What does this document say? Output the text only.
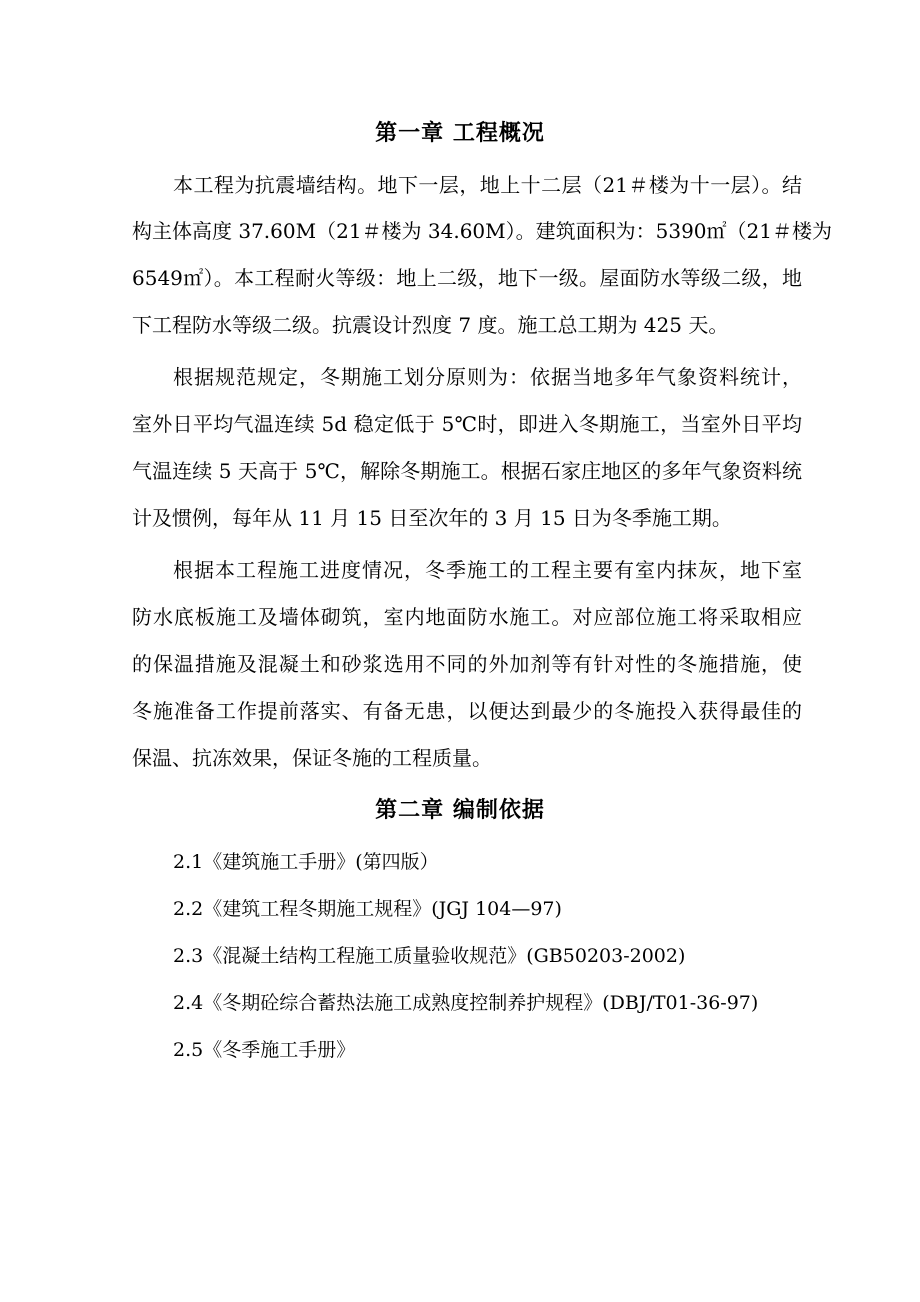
第一章 工程概况
本工程为抗震墙结构。地下一层，地上十二层（21＃楼为十一层）。结
构主体高度 37.60M（21＃楼为 34.60M）。建筑面积为：5390㎡（21＃楼为
6549㎡）。本工程耐火等级：地上二级，地下一级。屋面防水等级二级，地
下工程防水等级二级。抗震设计烈度 7 度。施工总工期为 425 天。
根据规范规定，冬期施工划分原则为：依据当地多年气象资料统计，
室外日平均气温连续 5d 稳定低于 5℃时，即进入冬期施工，当室外日平均
气温连续 5 天高于 5℃，解除冬期施工。根据石家庄地区的多年气象资料统
计及惯例，每年从 11 月 15 日至次年的 3 月 15 日为冬季施工期。
根据本工程施工进度情况，冬季施工的工程主要有室内抹灰，地下室
防水底板施工及墙体砌筑，室内地面防水施工。对应部位施工将采取相应
的保温措施及混凝土和砂浆选用不同的外加剂等有针对性的冬施措施，使
冬施准备工作提前落实、有备无患，以便达到最少的冬施投入获得最佳的
保温、抗冻效果，保证冬施的工程质量。
第二章 编制依据
2.1《建筑施工手册》(第四版）
2.2《建筑工程冬期施工规程》(JGJ 104—97)
2.3《混凝土结构工程施工质量验收规范》(GB50203-2002)
2.4《冬期砼综合蓄热法施工成熟度控制养护规程》(DBJ/T01-36-97)
2.5《冬季施工手册》
